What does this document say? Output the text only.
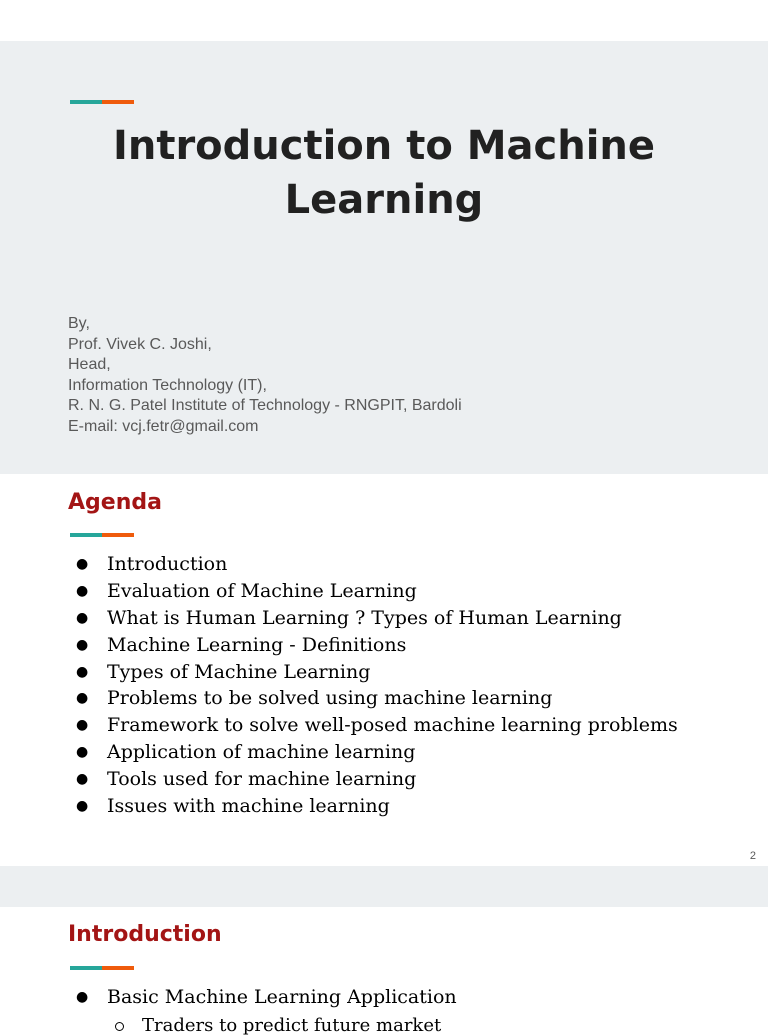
Introduction to Machine Learning
By,
Prof. Vivek C. Joshi,
Head,
Information Technology (IT),
R. N. G. Patel Institute of Technology - RNGPIT, Bardoli
E-mail: vcj.fetr@gmail.com
Agenda
● Introduction
● Evaluation of Machine Learning
● What is Human Learning ? Types of Human Learning
● Machine Learning - Definitions
● Types of Machine Learning
● Problems to be solved using machine learning
● Framework to solve well-posed machine learning problems
● Application of machine learning
● Tools used for machine learning
● Issues with machine learning
2
Introduction
● Basic Machine Learning Application
Traders to predict future market
